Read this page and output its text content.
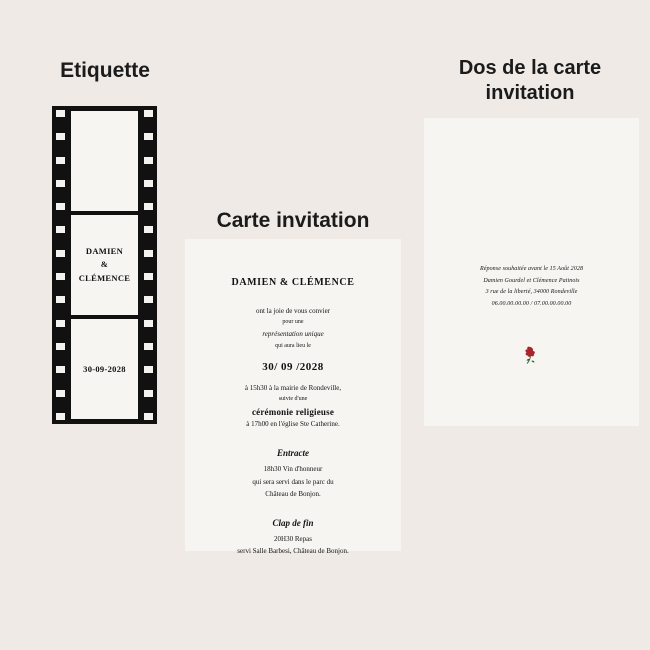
Etiquette
DAMIEN
&
CLÉMENCE
30-09-2028
Carte invitation
DAMIEN & CLÉMENCE
ont la joie de vous convier
pour une
représentation unique
qui aura lieu le
30/ 09 /2028
à 15h30 à la mairie de Rondeville,
suivie d'une
cérémonie religieuse
à 17h00 en l'église Ste Catherine.
Entracte
18h30 Vin d'honneur
qui sera servi dans le parc du
Château de Bonjon.
Clap de fin
20H30 Repas
servi Salle Barbesi, Château de Bonjon.
Dos de la carte
invitation
Réponse souhaitée avant le 15 Août 2028
Damien Gourdel et Clémence Patinois
3 rue de la liberté, 34000 Rondeville
06.00.00.00.00 / 07.00.00.00.00
